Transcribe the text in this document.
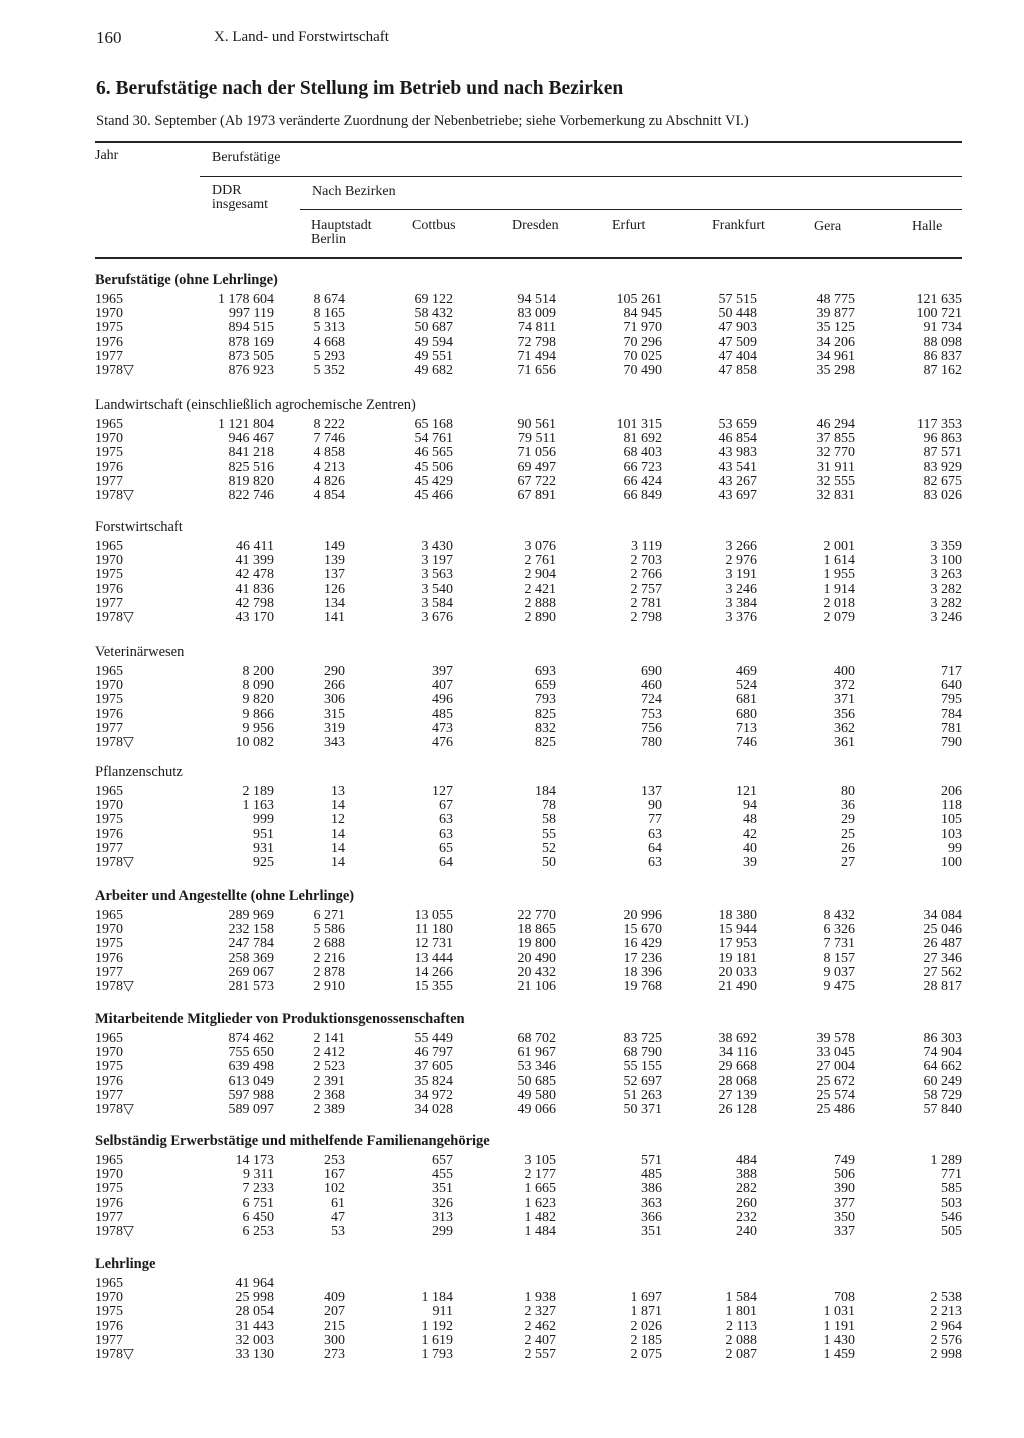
160	X. Land- und Forstwirtschaft
6. Berufstätige nach der Stellung im Betrieb und nach Bezirken
Stand 30. September (Ab 1973 veränderte Zuordnung der Nebenbetriebe; siehe Vorbemerkung zu Abschnitt VI.)
Jahr	Berufstätige
DDR
insgesamt
Nach Bezirken
Hauptstadt
Berlin
Cottbus	Dresden	Erfurt	Frankfurt	Gera	Halle
Berufstätige (ohne Lehrlinge)
1965	1 178 604	8 674	69 122	94 514	105 261	57 515	48 775	121 635
1970	997 119	8 165	58 432	83 009	84 945	50 448	39 877	100 721
1975	894 515	5 313	50 687	74 811	71 970	47 903	35 125	91 734
1976	878 169	4 668	49 594	72 798	70 296	47 509	34 206	88 098
1977	873 505	5 293	49 551	71 494	70 025	47 404	34 961	86 837
1978▽	876 923	5 352	49 682	71 656	70 490	47 858	35 298	87 162
Landwirtschaft (einschließlich agrochemische Zentren)
1965	1 121 804	8 222	65 168	90 561	101 315	53 659	46 294	117 353
1970	946 467	7 746	54 761	79 511	81 692	46 854	37 855	96 863
1975	841 218	4 858	46 565	71 056	68 403	43 983	32 770	87 571
1976	825 516	4 213	45 506	69 497	66 723	43 541	31 911	83 929
1977	819 820	4 826	45 429	67 722	66 424	43 267	32 555	82 675
1978▽	822 746	4 854	45 466	67 891	66 849	43 697	32 831	83 026
Forstwirtschaft
1965	46 411	149	3 430	3 076	3 119	3 266	2 001	3 359
1970	41 399	139	3 197	2 761	2 703	2 976	1 614	3 100
1975	42 478	137	3 563	2 904	2 766	3 191	1 955	3 263
1976	41 836	126	3 540	2 421	2 757	3 246	1 914	3 282
1977	42 798	134	3 584	2 888	2 781	3 384	2 018	3 282
1978▽	43 170	141	3 676	2 890	2 798	3 376	2 079	3 246
Veterinärwesen
1965	8 200	290	397	693	690	469	400	717
1970	8 090	266	407	659	460	524	372	640
1975	9 820	306	496	793	724	681	371	795
1976	9 866	315	485	825	753	680	356	784
1977	9 956	319	473	832	756	713	362	781
1978▽	10 082	343	476	825	780	746	361	790
Pflanzenschutz
1965	2 189	13	127	184	137	121	80	206
1970	1 163	14	67	78	90	94	36	118
1975	999	12	63	58	77	48	29	105
1976	951	14	63	55	63	42	25	103
1977	931	14	65	52	64	40	26	99
1978▽	925	14	64	50	63	39	27	100
Arbeiter und Angestellte (ohne Lehrlinge)
1965	289 969	6 271	13 055	22 770	20 996	18 380	8 432	34 084
1970	232 158	5 586	11 180	18 865	15 670	15 944	6 326	25 046
1975	247 784	2 688	12 731	19 800	16 429	17 953	7 731	26 487
1976	258 369	2 216	13 444	20 490	17 236	19 181	8 157	27 346
1977	269 067	2 878	14 266	20 432	18 396	20 033	9 037	27 562
1978▽	281 573	2 910	15 355	21 106	19 768	21 490	9 475	28 817
Mitarbeitende Mitglieder von Produktionsgenossenschaften
1965	874 462	2 141	55 449	68 702	83 725	38 692	39 578	86 303
1970	755 650	2 412	46 797	61 967	68 790	34 116	33 045	74 904
1975	639 498	2 523	37 605	53 346	55 155	29 668	27 004	64 662
1976	613 049	2 391	35 824	50 685	52 697	28 068	25 672	60 249
1977	597 988	2 368	34 972	49 580	51 263	27 139	25 574	58 729
1978▽	589 097	2 389	34 028	49 066	50 371	26 128	25 486	57 840
Selbständig Erwerbstätige und mithelfende Familienangehörige
1965	14 173	253	657	3 105	571	484	749	1 289
1970	9 311	167	455	2 177	485	388	506	771
1975	7 233	102	351	1 665	386	282	390	585
1976	6 751	61	326	1 623	363	260	377	503
1977	6 450	47	313	1 482	366	232	350	546
1978▽	6 253	53	299	1 484	351	240	337	505
Lehrlinge
1965	41 964
1970	25 998	409	1 184	1 938	1 697	1 584	708	2 538
1975	28 054	207	911	2 327	1 871	1 801	1 031	2 213
1976	31 443	215	1 192	2 462	2 026	2 113	1 191	2 964
1977	32 003	300	1 619	2 407	2 185	2 088	1 430	2 576
1978▽	33 130	273	1 793	2 557	2 075	2 087	1 459	2 998
